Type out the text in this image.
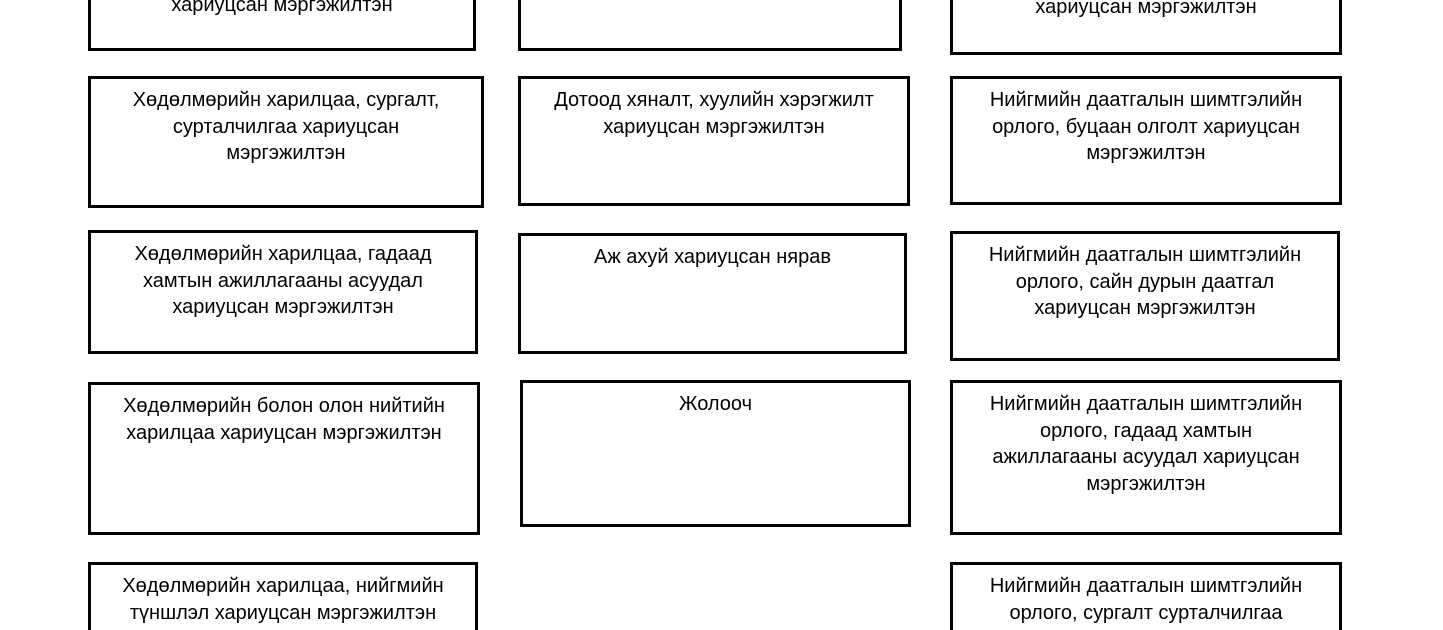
хариуцсан мэргэжилтэн
Хөдөлмөрийн харилцаа, сургалт,
сурталчилгаа хариуцсан
мэргэжилтэн
Хөдөлмөрийн харилцаа, гадаад
хамтын ажиллагааны асуудал
хариуцсан мэргэжилтэн
Хөдөлмөрийн болон олон нийтийн
харилцаа хариуцсан мэргэжилтэн
Хөдөлмөрийн харилцаа, нийгмийн
түншлэл хариуцсан мэргэжилтэн
Дотоод хяналт, хуулийн хэрэгжилт
хариуцсан мэргэжилтэн
Аж ахуй хариуцсан нярав
Жолооч
хариуцсан мэргэжилтэн
Нийгмийн даатгалын шимтгэлийн
орлого, буцаан олголт хариуцсан
мэргэжилтэн
Нийгмийн даатгалын шимтгэлийн
орлого, сайн дурын даатгал
хариуцсан мэргэжилтэн
Нийгмийн даатгалын шимтгэлийн
орлого, гадаад хамтын
ажиллагааны асуудал хариуцсан
мэргэжилтэн
Нийгмийн даатгалын шимтгэлийн
орлого, сургалт сурталчилгаа
